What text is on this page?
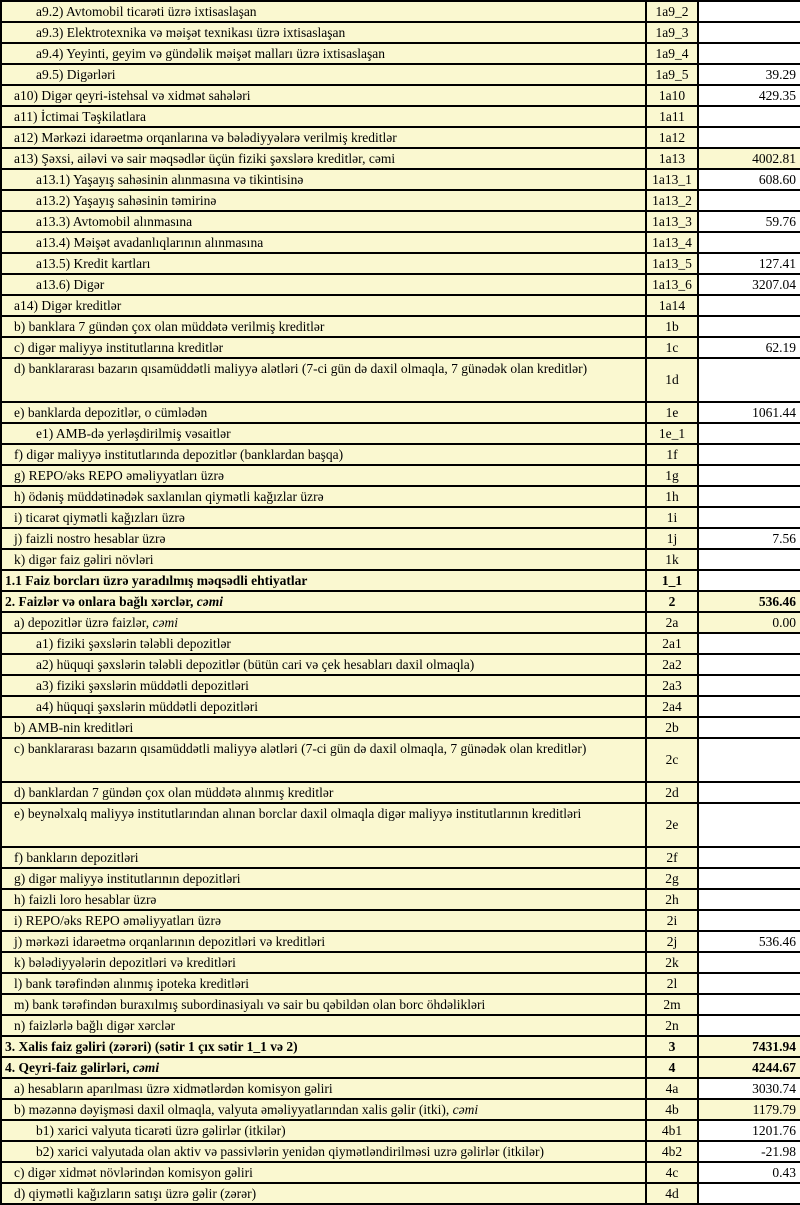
a9.2) Avtomobil ticarəti üzrə ixtisaslaşan	1a9_2	
a9.3) Elektrotexnika və məişət texnikası üzrə ixtisaslaşan	1a9_3	
a9.4) Yeyinti, geyim və gündəlik məişət malları üzrə ixtisaslaşan	1a9_4	
a9.5) Digərləri	1a9_5	39.29
a10) Digər qeyri-istehsal və xidmət sahələri	1a10	429.35
a11) İctimai Təşkilatlara	1a11	
a12) Mərkəzi idarəetmə orqanlarına və bələdiyyələrə verilmiş kreditlər	1a12	
a13) Şəxsi, ailəvi və sair məqsədlər üçün fiziki şəxslərə kreditlər, cəmi	1a13	4002.81
a13.1) Yaşayış sahəsinin alınmasına və tikintisinə	1a13_1	608.60
a13.2) Yaşayış sahəsinin təmirinə	1a13_2	
a13.3) Avtomobil alınmasına	1a13_3	59.76
a13.4) Məişət avadanlıqlarının alınmasına	1a13_4	
a13.5) Kredit kartları	1a13_5	127.41
a13.6) Digər	1a13_6	3207.04
a14) Digər kreditlər	1a14	
b) banklara 7 gündən çox olan müddətə verilmiş kreditlər	1b	
c) digər maliyyə institutlarına kreditlər	1c	62.19
d) banklararası bazarın qısamüddətli maliyyə alətləri (7-ci gün də daxil olmaqla, 7 günədək olan kreditlər)	1d	
e) banklarda depozitlər, o cümlədən	1e	1061.44
e1) AMB-də yerləşdirilmiş vəsaitlər	1e_1	
f) digər maliyyə institutlarında depozitlər (banklardan başqa)	1f	
g) REPO/əks REPO əməliyyatları üzrə	1g	
h) ödəniş müddətinədək saxlanılan qiymətli kağızlar üzrə	1h	
i) ticarət qiymətli kağızları üzrə	1i	
j) faizli nostro hesablar üzrə	1j	7.56
k) digər faiz gəliri növləri	1k	
1.1 Faiz borcları üzrə yaradılmış məqsədli ehtiyatlar	1_1	
2. Faizlər və onlara bağlı xərclər, cəmi	2	536.46
a) depozitlər üzrə faizlər, cəmi	2a	0.00
a1) fiziki şəxslərin tələbli depozitlər	2a1	
a2) hüquqi şəxslərin tələbli depozitlər (bütün cari və çek hesabları daxil olmaqla)	2a2	
a3) fiziki şəxslərin müddətli depozitləri	2a3	
a4) hüquqi şəxslərin müddətli depozitləri	2a4	
b) AMB-nin kreditləri	2b	
c) banklararası bazarın qısamüddətli maliyyə alətləri (7-ci gün də daxil olmaqla, 7 günədək olan kreditlər)	2c	
d) banklardan 7 gündən çox olan müddətə alınmış kreditlər	2d	
e) beynəlxalq maliyyə institutlarından alınan borclar daxil olmaqla digər maliyyə institutlarının kreditləri	2e	
f) bankların depozitləri	2f	
g) digər maliyyə institutlarının depozitləri	2g	
h) faizli loro hesablar üzrə	2h	
i) REPO/əks REPO əməliyyatları üzrə	2i	
j) mərkəzi idarəetmə orqanlarının depozitləri və kreditləri	2j	536.46
k) bələdiyyələrin depozitləri və kreditləri	2k	
l) bank tərəfindən alınmış ipoteka kreditləri	2l	
m) bank tərəfindən buraxılmış subordinasiyalı və sair bu qəbildən olan borc öhdəlikləri	2m	
n) faizlərlə bağlı digər xərclər	2n	
3. Xalis faiz gəliri (zərəri) (sətir 1 çıx sətir 1_1 və 2)	3	7431.94
4. Qeyri-faiz gəlirləri, cəmi	4	4244.67
a) hesabların aparılması üzrə xidmətlərdən komisyon gəliri	4a	3030.74
b) məzənnə dəyişməsi daxil olmaqla, valyuta əməliyyatlarından xalis gəlir (itki), cəmi	4b	1179.79
b1) xarici valyuta ticarəti üzrə gəlirlər (itkilər)	4b1	1201.76
b2) xarici valyutada olan aktiv və passivlərin yenidən qiymətləndirilməsi uzrə gəlirlər (itkilər)	4b2	-21.98
c) digər xidmət növlərindən komisyon gəliri	4c	0.43
d) qiymətli kağızların satışı üzrə gəlir (zərər)	4d	
